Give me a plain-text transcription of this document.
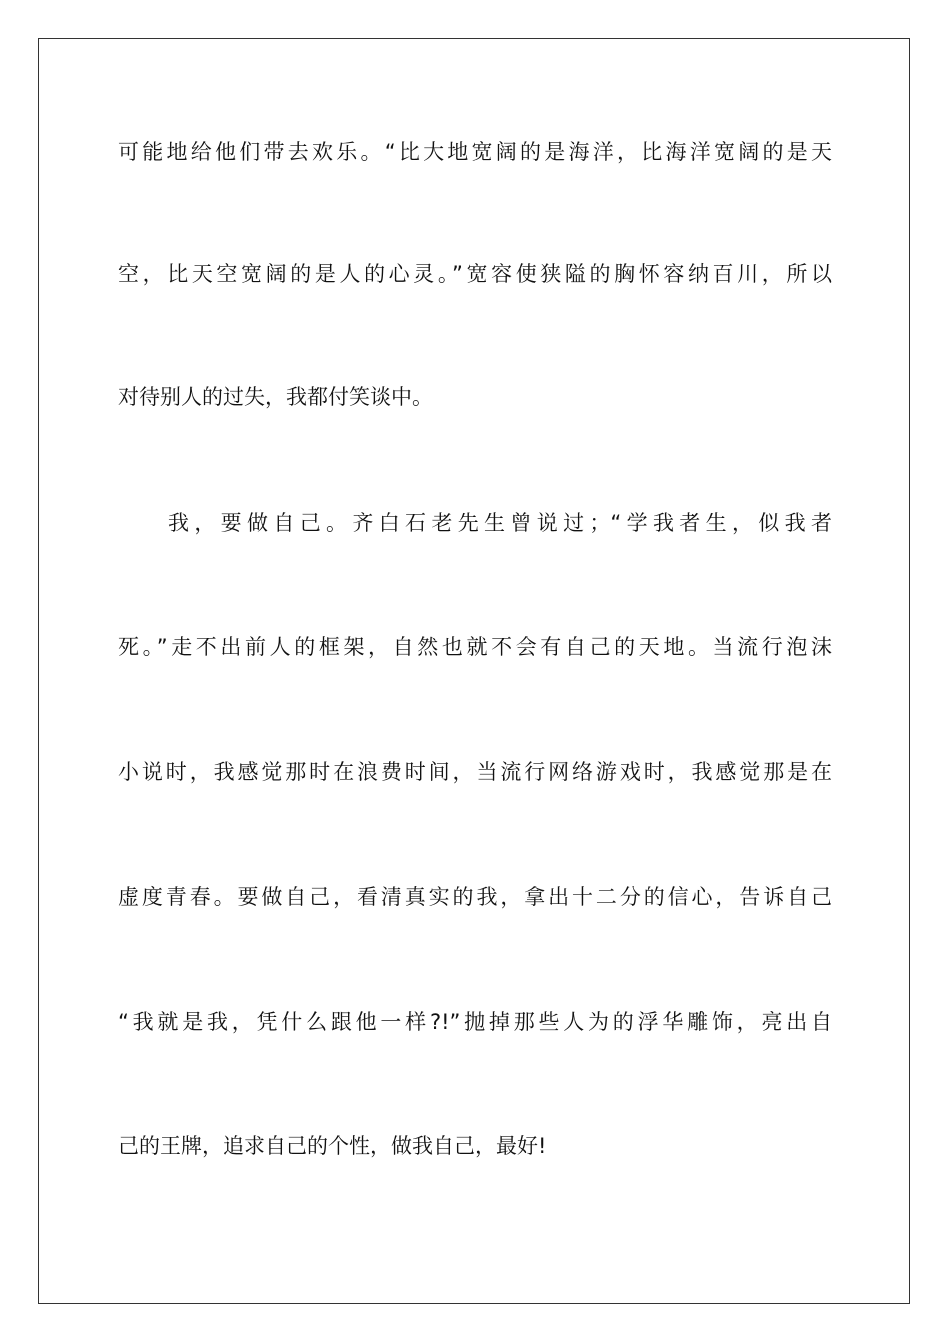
可能地给他们带去欢乐。“比大地宽阔的是海洋，比海洋宽阔的是天
空，比天空宽阔的是人的心灵。”宽容使狭隘的胸怀容纳百川，所以
对待别人的过失，我都付笑谈中。
我，要做自己。齐白石老先生曾说过；“学我者生，似我者
死。”走不出前人的框架，自然也就不会有自己的天地。当流行泡沫
小说时，我感觉那时在浪费时间，当流行网络游戏时，我感觉那是在
虚度青春。要做自己，看清真实的我，拿出十二分的信心，告诉自己
“我就是我，凭什么跟他一样?!”抛掉那些人为的浮华雕饰，亮出自
己的王牌，追求自己的个性，做我自己，最好!
